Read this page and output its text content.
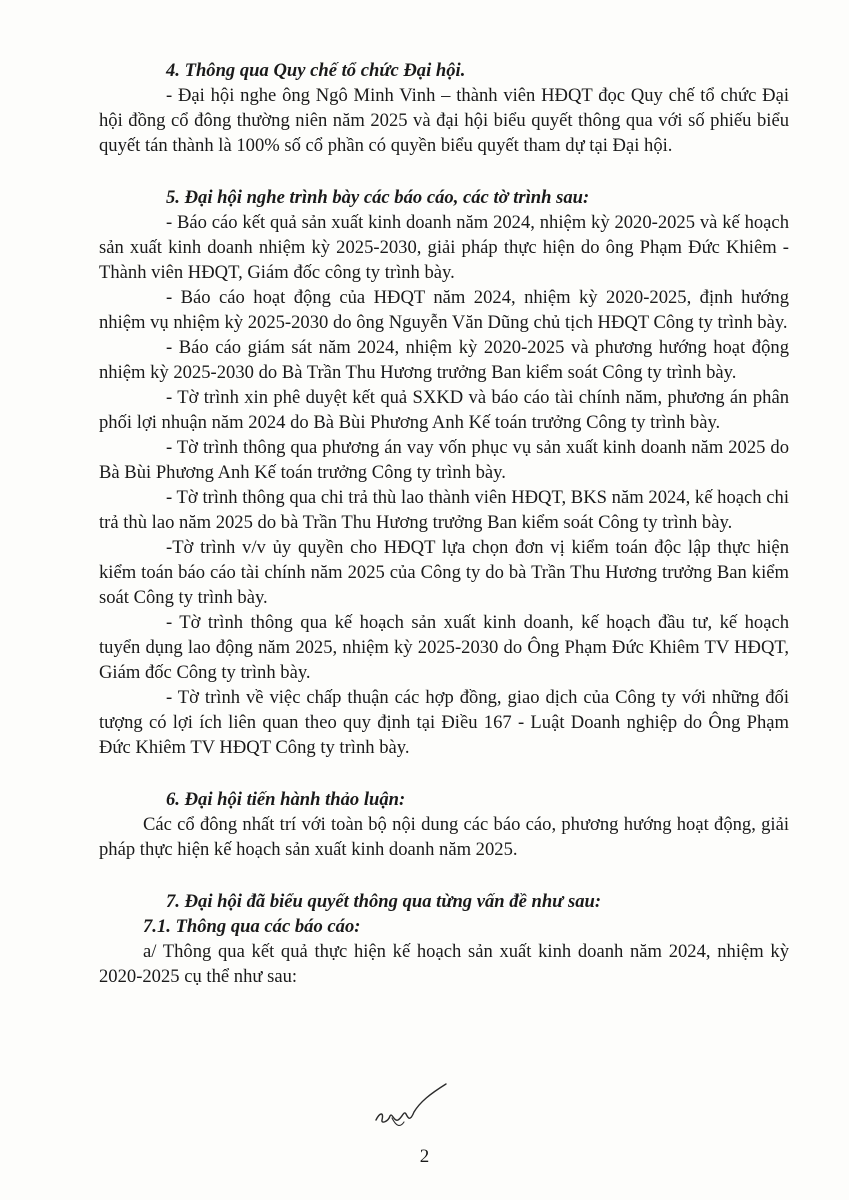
4. Thông qua Quy chế tổ chức Đại hội.

- Đại hội nghe ông Ngô Minh Vinh – thành viên HĐQT đọc Quy chế tổ chức Đại hội đồng cổ đông thường niên năm 2025 và đại hội biểu quyết thông qua với số phiếu biểu quyết tán thành là 100% số cổ phần có quyền biểu quyết tham dự tại Đại hội.

5. Đại hội nghe trình bày các báo cáo, các tờ trình sau:

- Báo cáo kết quả sản xuất kinh doanh năm 2024, nhiệm kỳ 2020-2025 và kế hoạch sản xuất kinh doanh nhiệm kỳ 2025-2030, giải pháp thực hiện do ông Phạm Đức Khiêm - Thành viên HĐQT, Giám đốc công ty trình bày.

- Báo cáo hoạt động của HĐQT năm 2024, nhiệm kỳ 2020-2025, định hướng nhiệm vụ nhiệm kỳ 2025-2030 do ông Nguyễn Văn Dũng chủ tịch HĐQT Công ty trình bày.

- Báo cáo giám sát năm 2024, nhiệm kỳ 2020-2025 và phương hướng hoạt động nhiệm kỳ 2025-2030 do Bà Trần Thu Hương trưởng Ban kiểm soát Công ty trình bày.

- Tờ trình xin phê duyệt kết quả SXKD và báo cáo tài chính năm, phương án phân phối lợi nhuận năm 2024 do Bà Bùi Phương Anh Kế toán trưởng Công ty trình bày.

- Tờ trình thông qua phương án vay vốn phục vụ sản xuất kinh doanh năm 2025 do Bà Bùi Phương Anh Kế toán trưởng Công ty trình bày.

- Tờ trình thông qua chi trả thù lao thành viên HĐQT, BKS năm 2024, kế hoạch chi trả thù lao năm 2025 do bà Trần Thu Hương trưởng Ban kiểm soát Công ty trình bày.

-Tờ trình v/v ủy quyền cho HĐQT lựa chọn đơn vị kiểm toán độc lập thực hiện kiểm toán báo cáo tài chính năm 2025 của Công ty do bà Trần Thu Hương trưởng Ban kiểm soát Công ty trình bày.

- Tờ trình thông qua kế hoạch sản xuất kinh doanh, kế hoạch đầu tư, kế hoạch tuyển dụng lao động năm 2025, nhiệm kỳ 2025-2030 do Ông Phạm Đức Khiêm TV HĐQT, Giám đốc Công ty trình bày.

- Tờ trình về việc chấp thuận các hợp đồng, giao dịch của Công ty với những đối tượng có lợi ích liên quan theo quy định tại Điều 167 - Luật Doanh nghiệp do Ông Phạm Đức Khiêm TV HĐQT Công ty trình bày.

6. Đại hội tiến hành thảo luận:

Các cổ đông nhất trí với toàn bộ nội dung các báo cáo, phương hướng hoạt động, giải pháp thực hiện kế hoạch sản xuất kinh doanh năm 2025.

7. Đại hội đã biểu quyết thông qua từng vấn đề như sau:

7.1. Thông qua các báo cáo:

a/ Thông qua kết quả thực hiện kế hoạch sản xuất kinh doanh năm 2024, nhiệm kỳ 2020-2025 cụ thể như sau:

2
